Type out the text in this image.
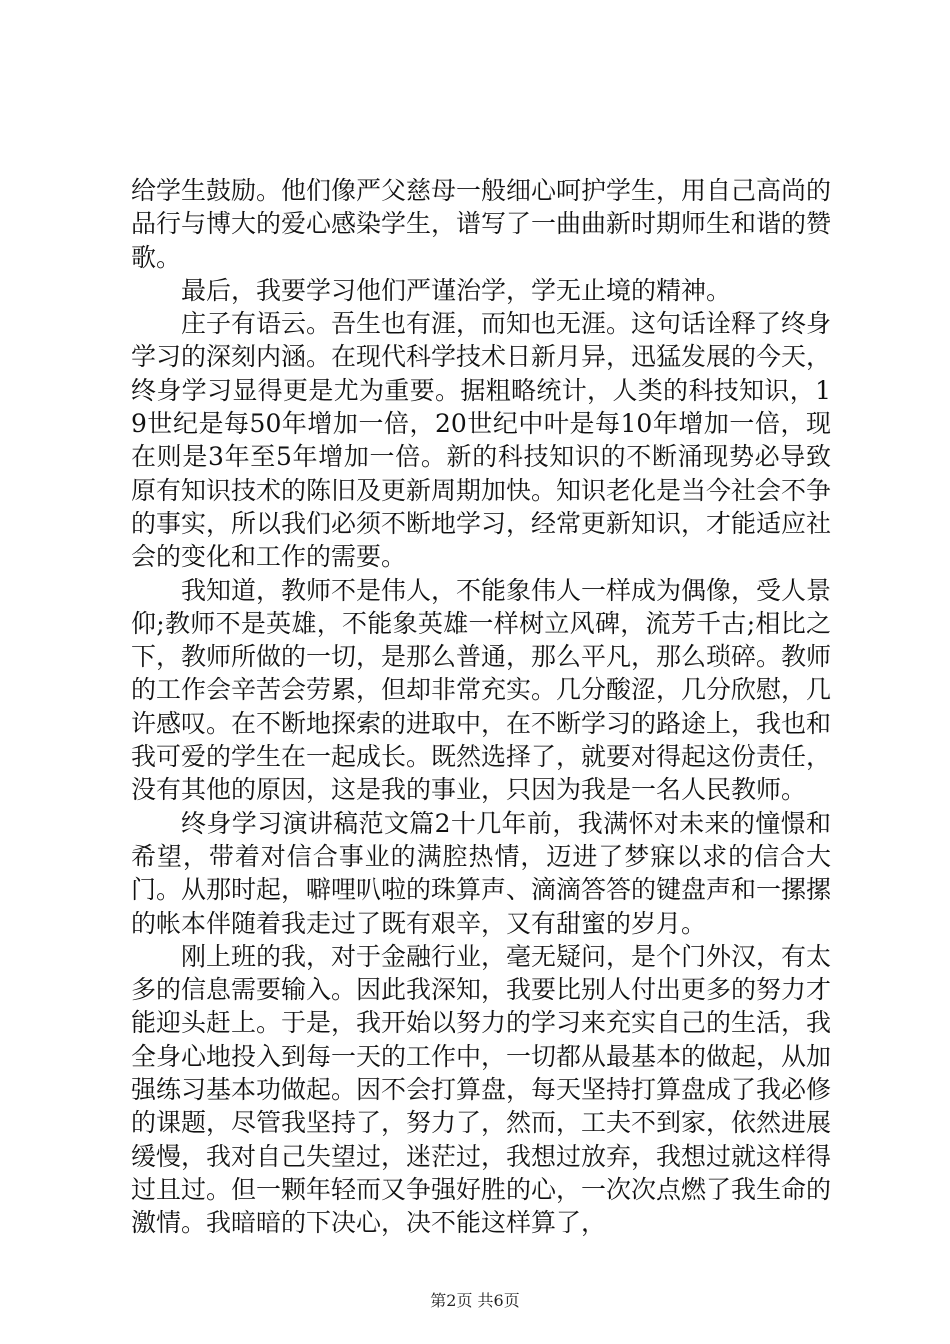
给学生鼓励。他们像严父慈母一般细心呵护学生，用自己高尚的品行与博大的爱心感染学生，谱写了一曲曲新时期师生和谐的赞歌。

最后，我要学习他们严谨治学，学无止境的精神。

庄子有语云。吾生也有涯，而知也无涯。这句话诠释了终身学习的深刻内涵。在现代科学技术日新月异，迅猛发展的今天，终身学习显得更是尤为重要。据粗略统计，人类的科技知识，19世纪是每50年增加一倍，20世纪中叶是每10年增加一倍，现在则是3年至5年增加一倍。新的科技知识的不断涌现势必导致原有知识技术的陈旧及更新周期加快。知识老化是当今社会不争的事实，所以我们必须不断地学习，经常更新知识，才能适应社会的变化和工作的需要。

我知道，教师不是伟人，不能象伟人一样成为偶像，受人景仰;教师不是英雄，不能象英雄一样树立风碑，流芳千古;相比之下，教师所做的一切，是那么普通，那么平凡，那么琐碎。教师的工作会辛苦会劳累，但却非常充实。几分酸涩，几分欣慰，几许感叹。在不断地探索的进取中，在不断学习的路途上，我也和我可爱的学生在一起成长。既然选择了，就要对得起这份责任，没有其他的原因，这是我的事业，只因为我是一名人民教师。

终身学习演讲稿范文篇2十几年前，我满怀对未来的憧憬和希望，带着对信合事业的满腔热情，迈进了梦寐以求的信合大门。从那时起，噼哩叭啦的珠算声、滴滴答答的键盘声和一摞摞的帐本伴随着我走过了既有艰辛，又有甜蜜的岁月。

刚上班的我，对于金融行业，毫无疑问，是个门外汉，有太多的信息需要输入。因此我深知，我要比别人付出更多的努力才能迎头赶上。于是，我开始以努力的学习来充实自己的生活，我全身心地投入到每一天的工作中，一切都从最基本的做起，从加强练习基本功做起。因不会打算盘，每天坚持打算盘成了我必修的课题，尽管我坚持了，努力了，然而，工夫不到家，依然进展缓慢，我对自己失望过，迷茫过，我想过放弃，我想过就这样得过且过。但一颗年轻而又争强好胜的心，一次次点燃了我生命的激情。我暗暗的下决心，决不能这样算了，

第2页 共6页
